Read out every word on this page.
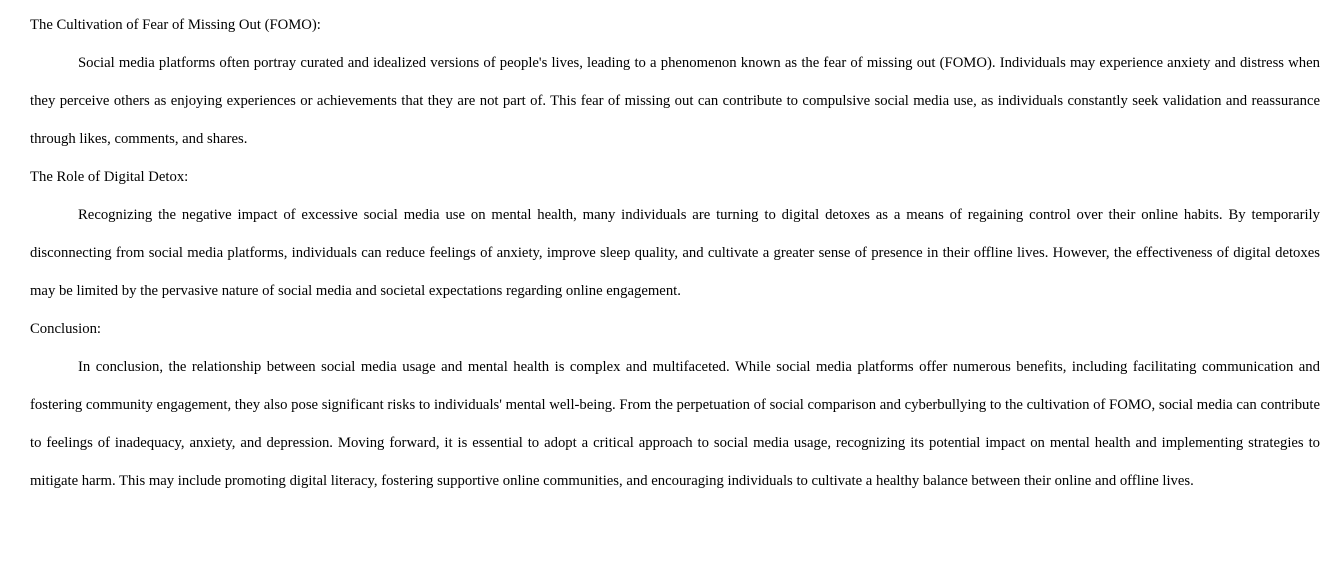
The Cultivation of Fear of Missing Out (FOMO):

Social media platforms often portray curated and idealized versions of people's lives, leading to a phenomenon known as the fear of missing out (FOMO). Individuals may experience anxiety and distress when they perceive others as enjoying experiences or achievements that they are not part of. This fear of missing out can contribute to compulsive social media use, as individuals constantly seek validation and reassurance through likes, comments, and shares.

The Role of Digital Detox:

Recognizing the negative impact of excessive social media use on mental health, many individuals are turning to digital detoxes as a means of regaining control over their online habits. By temporarily disconnecting from social media platforms, individuals can reduce feelings of anxiety, improve sleep quality, and cultivate a greater sense of presence in their offline lives. However, the effectiveness of digital detoxes may be limited by the pervasive nature of social media and societal expectations regarding online engagement.

Conclusion:

In conclusion, the relationship between social media usage and mental health is complex and multifaceted. While social media platforms offer numerous benefits, including facilitating communication and fostering community engagement, they also pose significant risks to individuals' mental well-being. From the perpetuation of social comparison and cyberbullying to the cultivation of FOMO, social media can contribute to feelings of inadequacy, anxiety, and depression. Moving forward, it is essential to adopt a critical approach to social media usage, recognizing its potential impact on mental health and implementing strategies to mitigate harm. This may include promoting digital literacy, fostering supportive online communities, and encouraging individuals to cultivate a healthy balance between their online and offline lives.
